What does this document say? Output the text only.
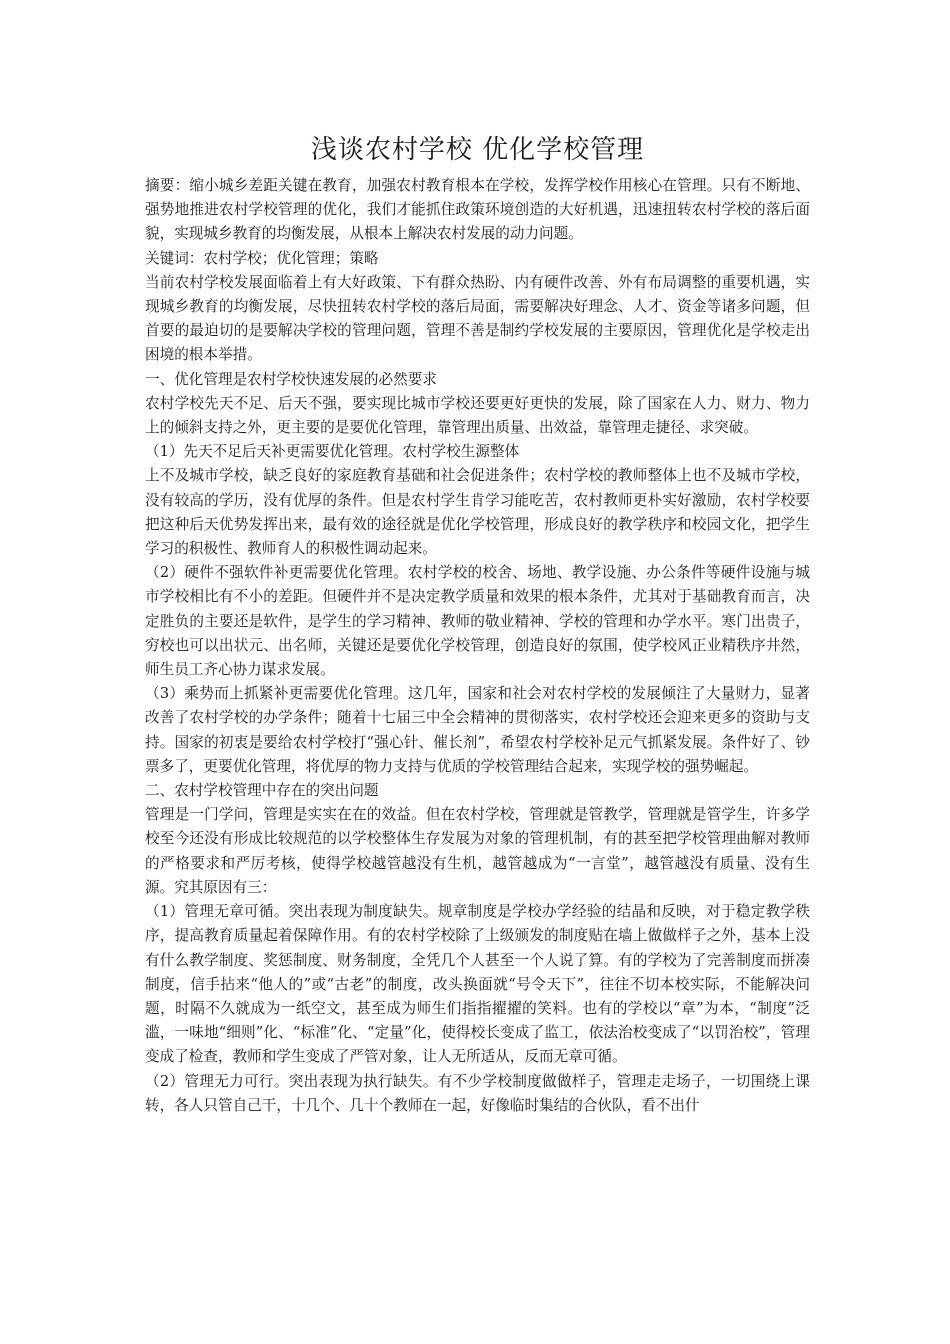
浅谈农村学校 优化学校管理

摘要：缩小城乡差距关键在教育，加强农村教育根本在学校，发挥学校作用核心在管理。只有不断地、强势地推进农村学校管理的优化，我们才能抓住政策环境创造的大好机遇，迅速扭转农村学校的落后面貌，实现城乡教育的均衡发展，从根本上解决农村发展的动力问题。

关键词：农村学校；优化管理；策略

当前农村学校发展面临着上有大好政策、下有群众热盼、内有硬件改善、外有布局调整的重要机遇，实现城乡教育的均衡发展，尽快扭转农村学校的落后局面，需要解决好理念、人才、资金等诸多问题，但首要的最迫切的是要解决学校的管理问题，管理不善是制约学校发展的主要原因，管理优化是学校走出困境的根本举措。

一、优化管理是农村学校快速发展的必然要求

农村学校先天不足、后天不强，要实现比城市学校还要更好更快的发展，除了国家在人力、财力、物力上的倾斜支持之外，更主要的是要优化管理，靠管理出质量、出效益，靠管理走捷径、求突破。

（1）先天不足后天补更需要优化管理。农村学校生源整体

上不及城市学校，缺乏良好的家庭教育基础和社会促进条件；农村学校的教师整体上也不及城市学校，没有较高的学历，没有优厚的条件。但是农村学生肯学习能吃苦，农村教师更朴实好激励，农村学校要把这种后天优势发挥出来，最有效的途径就是优化学校管理，形成良好的教学秩序和校园文化，把学生学习的积极性、教师育人的积极性调动起来。

（2）硬件不强软件补更需要优化管理。农村学校的校舍、场地、教学设施、办公条件等硬件设施与城市学校相比有不小的差距。但硬件并不是决定教学质量和效果的根本条件，尤其对于基础教育而言，决定胜负的主要还是软件，是学生的学习精神、教师的敬业精神、学校的管理和办学水平。寒门出贵子，穷校也可以出状元、出名师，关键还是要优化学校管理，创造良好的氛围，使学校风正业精秩序井然，师生员工齐心协力谋求发展。

（3）乘势而上抓紧补更需要优化管理。这几年，国家和社会对农村学校的发展倾注了大量财力，显著改善了农村学校的办学条件；随着十七届三中全会精神的贯彻落实，农村学校还会迎来更多的资助与支持。国家的初衷是要给农村学校打“强心针、催长剂”，希望农村学校补足元气抓紧发展。条件好了、钞票多了，更要优化管理，将优厚的物力支持与优质的学校管理结合起来，实现学校的强势崛起。

二、农村学校管理中存在的突出问题

管理是一门学问，管理是实实在在的效益。但在农村学校，管理就是管教学，管理就是管学生，许多学校至今还没有形成比较规范的以学校整体生存发展为对象的管理机制，有的甚至把学校管理曲解对教师的严格要求和严厉考核，使得学校越管越没有生机，越管越成为“一言堂”，越管越没有质量、没有生源。究其原因有三：

（1）管理无章可循。突出表现为制度缺失。规章制度是学校办学经验的结晶和反映，对于稳定教学秩序，提高教育质量起着保障作用。有的农村学校除了上级颁发的制度贴在墙上做做样子之外，基本上没有什么教学制度、奖惩制度、财务制度，全凭几个人甚至一个人说了算。有的学校为了完善制度而拼凑制度，信手拈来“他人的”或“古老”的制度，改头换面就“号令天下”，往往不切本校实际，不能解决问题，时隔不久就成为一纸空文，甚至成为师生们指指擢擢的笑料。也有的学校以“章”为本，“制度”泛滥，一味地“细则”化、“标准”化、“定量”化，使得校长变成了监工，依法治校变成了“以罚治校”，管理变成了检查，教师和学生变成了严管对象，让人无所适从，反而无章可循。

（2）管理无力可行。突出表现为执行缺失。有不少学校制度做做样子，管理走走场子，一切围绕上课转，各人只管自己干，十几个、几十个教师在一起，好像临时集结的合伙队，看不出什
